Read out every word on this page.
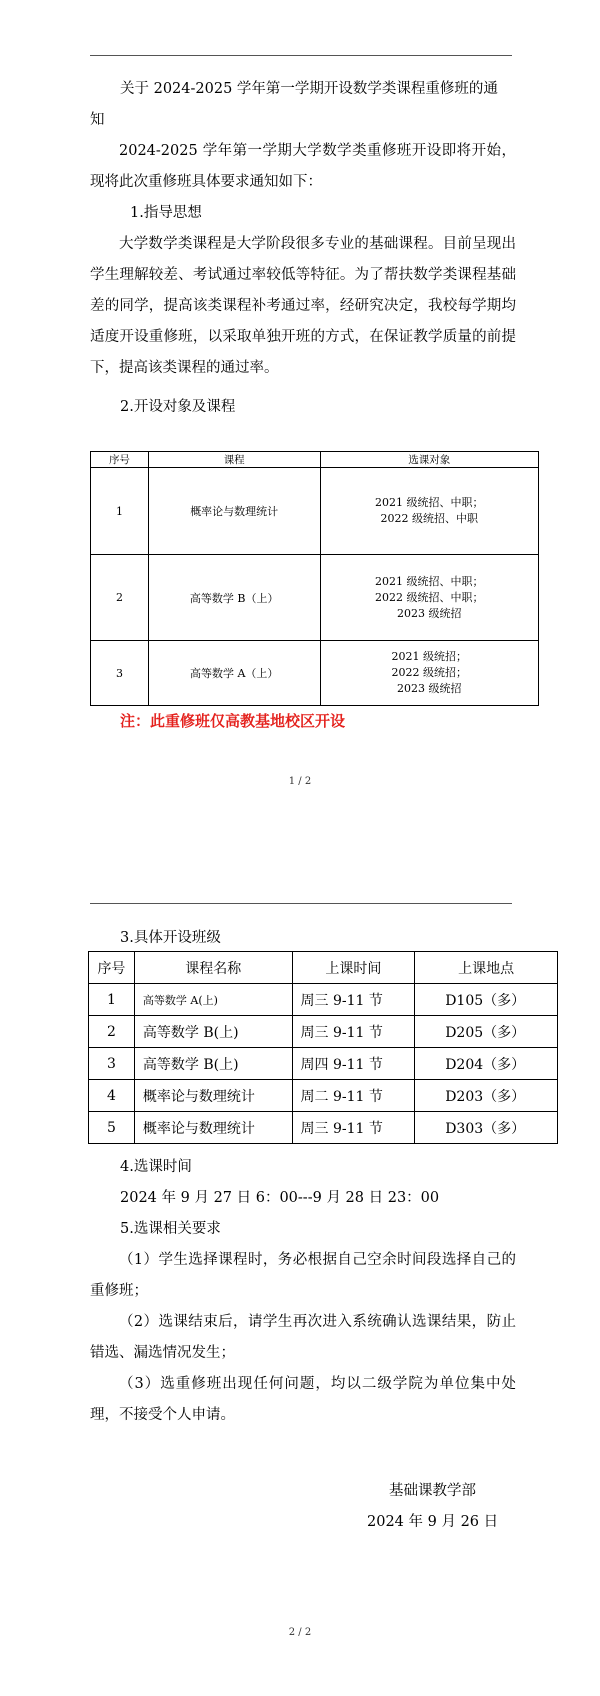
关于 2024-2025 学年第一学期开设数学类课程重修班的通
知
2024-2025 学年第一学期大学数学类重修班开设即将开始，现将此次重修班具体要求通知如下：
1.指导思想
大学数学类课程是大学阶段很多专业的基础课程。目前呈现出学生理解较差、考试通过率较低等特征。为了帮扶数学类课程基础差的同学，提高该类课程补考通过率，经研究决定，我校每学期均适度开设重修班，以采取单独开班的方式，在保证教学质量的前提下，提高该类课程的通过率。
2.开设对象及课程
序号	课程	选课对象
1	概率论与数理统计	2021 级统招、中职；
2022 级统招、中职

2	高等数学 B（上）	2021 级统招、中职；
2022 级统招、中职；
2023 级统招

3	高等数学 A（上）	2021 级统招；
2022 级统招；
2023 级统招
注：此重修班仅高教基地校区开设
1 / 2
3.具体开设班级
序号	课程名称	上课时间	上课地点
1	高等数学 A(上)	周三 9-11 节	D105（多）
2	高等数学 B(上)	周三 9-11 节	D205（多）
3	高等数学 B(上)	周四 9-11 节	D204（多）
4	概率论与数理统计	周二 9-11 节	D203（多）
5	概率论与数理统计	周三 9-11 节	D303（多）
4.选课时间
2024 年 9 月 27 日 6：00---9 月 28 日 23：00
5.选课相关要求
（1）学生选择课程时，务必根据自己空余时间段选择自己的重修班；
（2）选课结束后，请学生再次进入系统确认选课结果，防止错选、漏选情况发生；
（3）选重修班出现任何问题，均以二级学院为单位集中处理，不接受个人申请。
基础课教学部
2024 年 9 月 26 日
2 / 2
